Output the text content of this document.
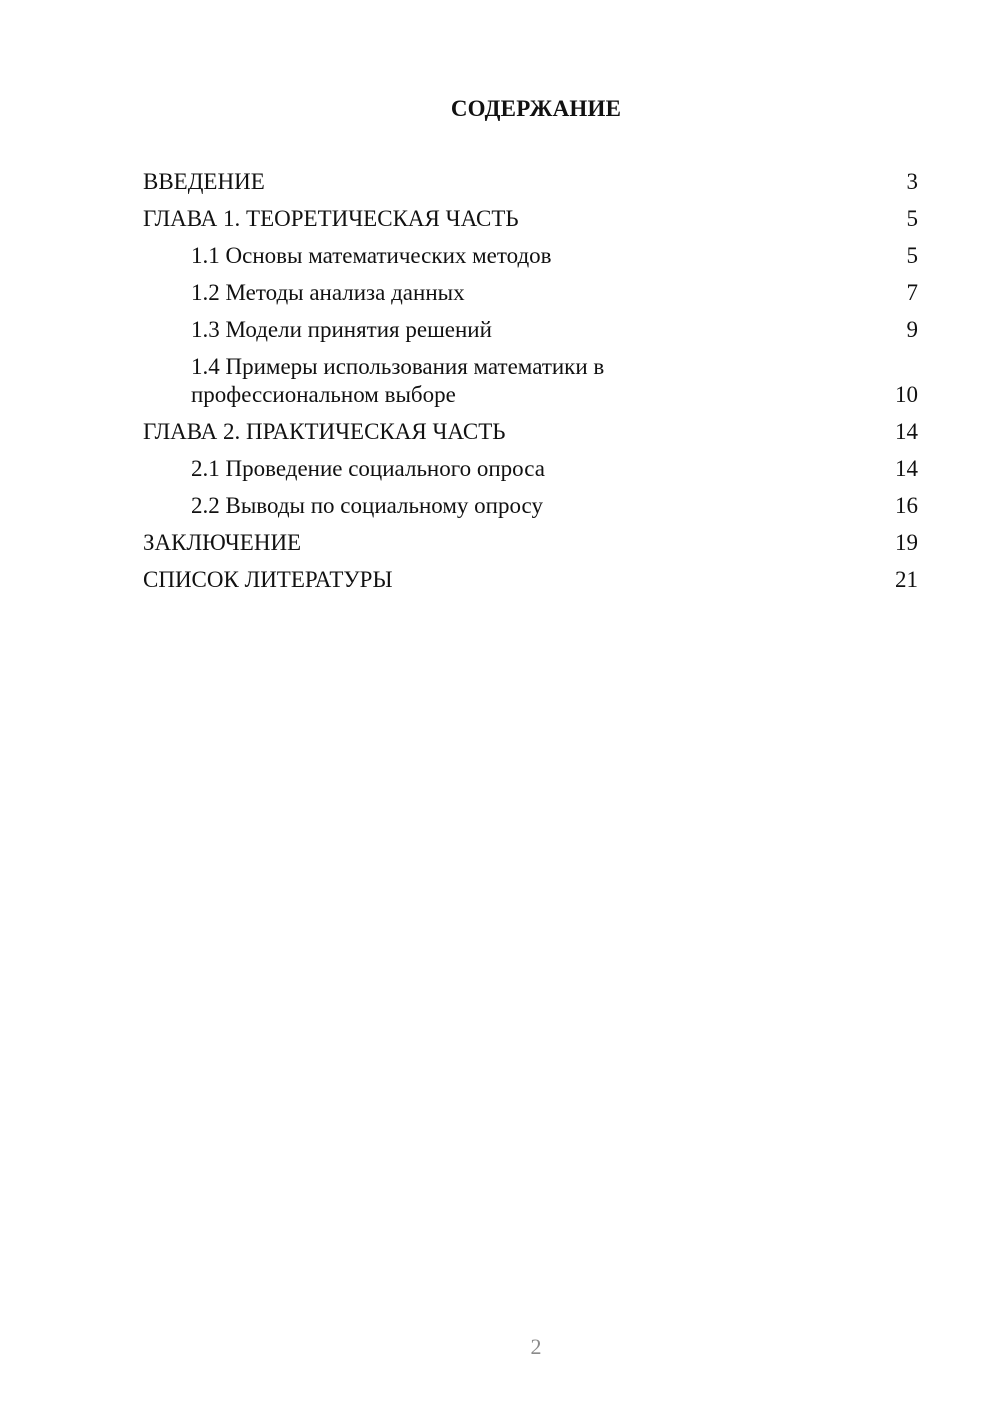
СОДЕРЖАНИЕ
ВВЕДЕНИЕ	3
ГЛАВА 1. ТЕОРЕТИЧЕСКАЯ ЧАСТЬ	5
1.1 Основы математических методов	5
1.2 Методы анализа данных	7
1.3 Модели принятия решений	9
1.4 Примеры использования математики в профессиональном выборе	10
ГЛАВА 2. ПРАКТИЧЕСКАЯ ЧАСТЬ	14
2.1 Проведение социального опроса	14
2.2 Выводы по социальному опросу	16
ЗАКЛЮЧЕНИЕ	19
СПИСОК ЛИТЕРАТУРЫ	21
2
